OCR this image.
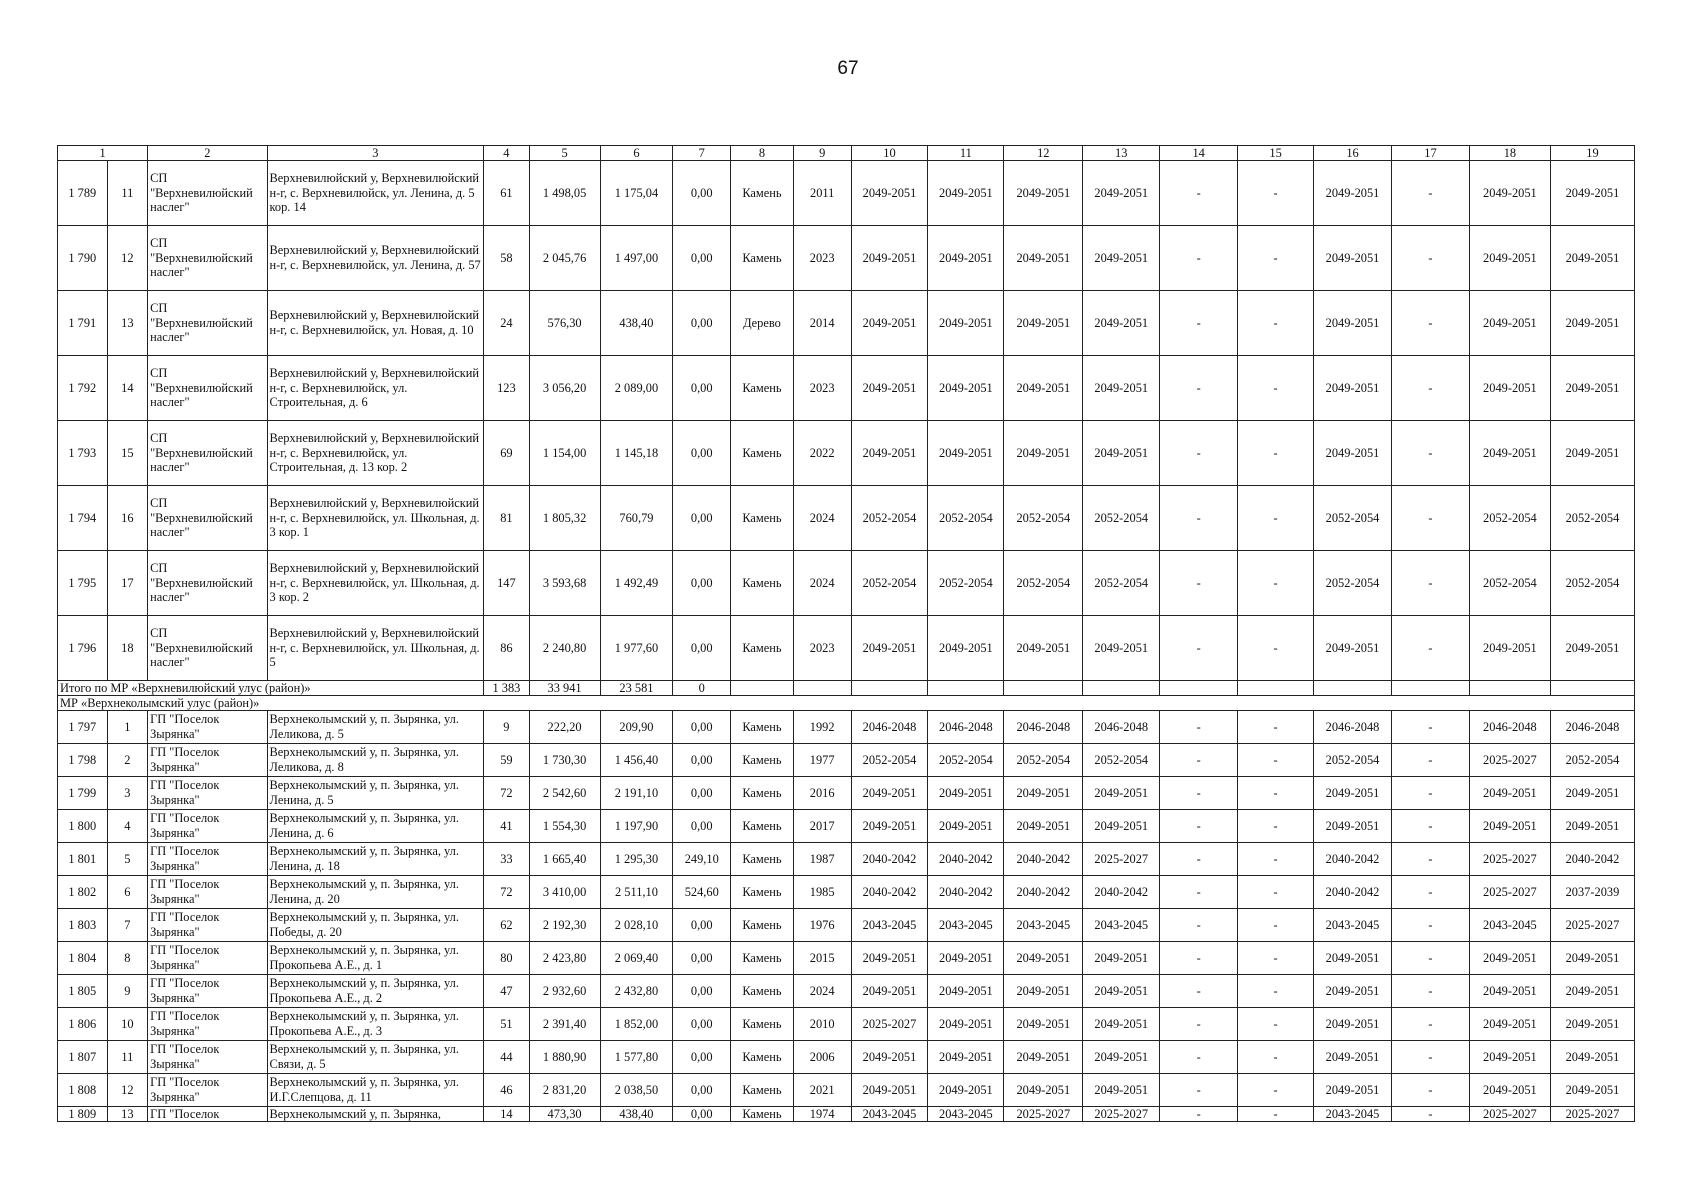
67
1		2	3	4	5	6	7	8	9	10	11	12	13	14	15	16	17	18	19
1 789	11	СП "Верхневилюйский наслег"	Верхневилюйский у, Верхневилюйский н-г, с. Верхневилюйск, ул. Ленина, д. 5 кор. 14	61	1 498,05	1 175,04	0,00	Камень	2011	2049-2051	2049-2051	2049-2051	2049-2051	-	-	2049-2051	-	2049-2051	2049-2051
1 790	12	СП "Верхневилюйский наслег"	Верхневилюйский у, Верхневилюйский н-г, с. Верхневилюйск, ул. Ленина, д. 57	58	2 045,76	1 497,00	0,00	Камень	2023	2049-2051	2049-2051	2049-2051	2049-2051	-	-	2049-2051	-	2049-2051	2049-2051
1 791	13	СП "Верхневилюйский наслег"	Верхневилюйский у, Верхневилюйский н-г, с. Верхневилюйск, ул. Новая, д. 10	24	576,30	438,40	0,00	Дерево	2014	2049-2051	2049-2051	2049-2051	2049-2051	-	-	2049-2051	-	2049-2051	2049-2051
1 792	14	СП "Верхневилюйский наслег"	Верхневилюйский у, Верхневилюйский н-г, с. Верхневилюйск, ул. Строительная, д. 6	123	3 056,20	2 089,00	0,00	Камень	2023	2049-2051	2049-2051	2049-2051	2049-2051	-	-	2049-2051	-	2049-2051	2049-2051
1 793	15	СП "Верхневилюйский наслег"	Верхневилюйский у, Верхневилюйский н-г, с. Верхневилюйск, ул. Строительная, д. 13 кор. 2	69	1 154,00	1 145,18	0,00	Камень	2022	2049-2051	2049-2051	2049-2051	2049-2051	-	-	2049-2051	-	2049-2051	2049-2051
1 794	16	СП "Верхневилюйский наслег"	Верхневилюйский у, Верхневилюйский н-г, с. Верхневилюйск, ул. Школьная, д. 3 кор. 1	81	1 805,32	760,79	0,00	Камень	2024	2052-2054	2052-2054	2052-2054	2052-2054	-	-	2052-2054	-	2052-2054	2052-2054
1 795	17	СП "Верхневилюйский наслег"	Верхневилюйский у, Верхневилюйский н-г, с. Верхневилюйск, ул. Школьная, д. 3 кор. 2	147	3 593,68	1 492,49	0,00	Камень	2024	2052-2054	2052-2054	2052-2054	2052-2054	-	-	2052-2054	-	2052-2054	2052-2054
1 796	18	СП "Верхневилюйский наслег"	Верхневилюйский у, Верхневилюйский н-г, с. Верхневилюйск, ул. Школьная, д. 5	86	2 240,80	1 977,60	0,00	Камень	2023	2049-2051	2049-2051	2049-2051	2049-2051	-	-	2049-2051	-	2049-2051	2049-2051
Итого по МР «Верхневилюйский улус (район)»				1 383	33 941	23 581	0												
МР «Верхнеколымский улус (район)»																			
1 797	1	ГП "Поселок Зырянка"	Верхнеколымский у, п. Зырянка, ул. Леликова, д. 5	9	222,20	209,90	0,00	Камень	1992	2046-2048	2046-2048	2046-2048	2046-2048	-	-	2046-2048	-	2046-2048	2046-2048
1 798	2	ГП "Поселок Зырянка"	Верхнеколымский у, п. Зырянка, ул. Леликова, д. 8	59	1 730,30	1 456,40	0,00	Камень	1977	2052-2054	2052-2054	2052-2054	2052-2054	-	-	2052-2054	-	2025-2027	2052-2054
1 799	3	ГП "Поселок Зырянка"	Верхнеколымский у, п. Зырянка, ул. Ленина, д. 5	72	2 542,60	2 191,10	0,00	Камень	2016	2049-2051	2049-2051	2049-2051	2049-2051	-	-	2049-2051	-	2049-2051	2049-2051
1 800	4	ГП "Поселок Зырянка"	Верхнеколымский у, п. Зырянка, ул. Ленина, д. 6	41	1 554,30	1 197,90	0,00	Камень	2017	2049-2051	2049-2051	2049-2051	2049-2051	-	-	2049-2051	-	2049-2051	2049-2051
1 801	5	ГП "Поселок Зырянка"	Верхнеколымский у, п. Зырянка, ул. Ленина, д. 18	33	1 665,40	1 295,30	249,10	Камень	1987	2040-2042	2040-2042	2040-2042	2025-2027	-	-	2040-2042	-	2025-2027	2040-2042
1 802	6	ГП "Поселок Зырянка"	Верхнеколымский у, п. Зырянка, ул. Ленина, д. 20	72	3 410,00	2 511,10	524,60	Камень	1985	2040-2042	2040-2042	2040-2042	2040-2042	-	-	2040-2042	-	2025-2027	2037-2039
1 803	7	ГП "Поселок Зырянка"	Верхнеколымский у, п. Зырянка, ул. Победы, д. 20	62	2 192,30	2 028,10	0,00	Камень	1976	2043-2045	2043-2045	2043-2045	2043-2045	-	-	2043-2045	-	2043-2045	2025-2027
1 804	8	ГП "Поселок Зырянка"	Верхнеколымский у, п. Зырянка, ул. Прокопьева А.Е., д. 1	80	2 423,80	2 069,40	0,00	Камень	2015	2049-2051	2049-2051	2049-2051	2049-2051	-	-	2049-2051	-	2049-2051	2049-2051
1 805	9	ГП "Поселок Зырянка"	Верхнеколымский у, п. Зырянка, ул. Прокопьева А.Е., д. 2	47	2 932,60	2 432,80	0,00	Камень	2024	2049-2051	2049-2051	2049-2051	2049-2051	-	-	2049-2051	-	2049-2051	2049-2051
1 806	10	ГП "Поселок Зырянка"	Верхнеколымский у, п. Зырянка, ул. Прокопьева А.Е., д. 3	51	2 391,40	1 852,00	0,00	Камень	2010	2025-2027	2049-2051	2049-2051	2049-2051	-	-	2049-2051	-	2049-2051	2049-2051
1 807	11	ГП "Поселок Зырянка"	Верхнеколымский у, п. Зырянка, ул. Связи, д. 5	44	1 880,90	1 577,80	0,00	Камень	2006	2049-2051	2049-2051	2049-2051	2049-2051	-	-	2049-2051	-	2049-2051	2049-2051
1 808	12	ГП "Поселок Зырянка"	Верхнеколымский у, п. Зырянка, ул. И.Г.Слепцова, д. 11	46	2 831,20	2 038,50	0,00	Камень	2021	2049-2051	2049-2051	2049-2051	2049-2051	-	-	2049-2051	-	2049-2051	2049-2051
1 809	13	ГП "Поселок	Верхнеколымский у, п. Зырянка,	14	473,30	438,40	0,00	Камень	1974	2043-2045	2043-2045	2025-2027	2025-2027	-	-	2043-2045	-	2025-2027	2025-2027
